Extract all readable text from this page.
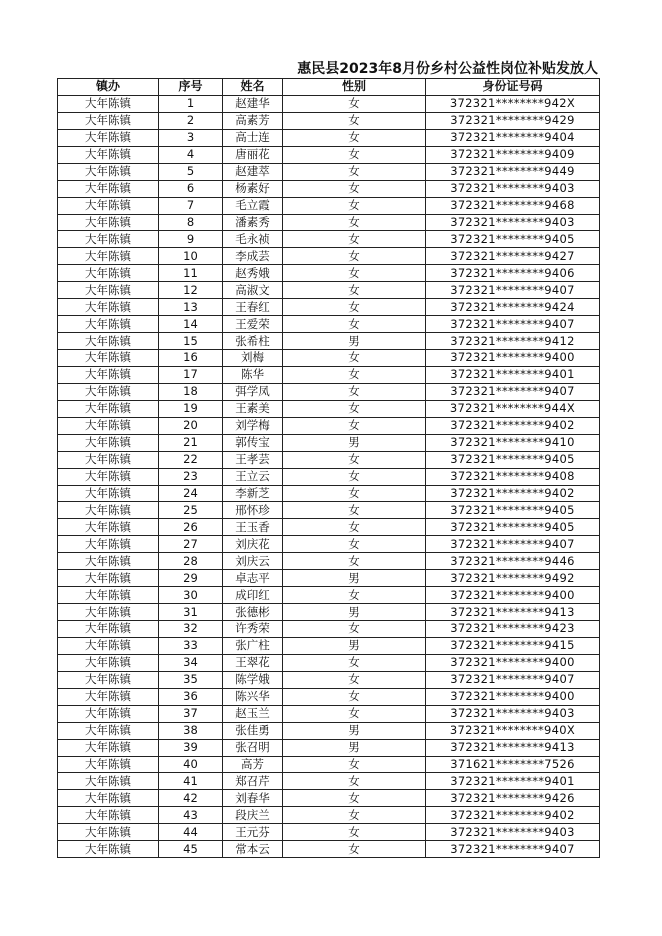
惠民县2023年8月份乡村公益性岗位补贴发放人
镇办	序号	姓名	性别	身份证号码
大年陈镇	1	赵建华	女	372321********942X
大年陈镇	2	高素芳	女	372321********9429
大年陈镇	3	高士连	女	372321********9404
大年陈镇	4	唐丽花	女	372321********9409
大年陈镇	5	赵建萃	女	372321********9449
大年陈镇	6	杨素好	女	372321********9403
大年陈镇	7	毛立霞	女	372321********9468
大年陈镇	8	潘素秀	女	372321********9403
大年陈镇	9	毛永祯	女	372321********9405
大年陈镇	10	李成芸	女	372321********9427
大年陈镇	11	赵秀娥	女	372321********9406
大年陈镇	12	高淑文	女	372321********9407
大年陈镇	13	王春红	女	372321********9424
大年陈镇	14	王爱荣	女	372321********9407
大年陈镇	15	张希柱	男	372321********9412
大年陈镇	16	刘梅	女	372321********9400
大年陈镇	17	陈华	女	372321********9401
大年陈镇	18	弭学凤	女	372321********9407
大年陈镇	19	王素美	女	372321********944X
大年陈镇	20	刘学梅	女	372321********9402
大年陈镇	21	郭传宝	男	372321********9410
大年陈镇	22	王孝芸	女	372321********9405
大年陈镇	23	王立云	女	372321********9408
大年陈镇	24	李新芝	女	372321********9402
大年陈镇	25	邢怀珍	女	372321********9405
大年陈镇	26	王玉香	女	372321********9405
大年陈镇	27	刘庆花	女	372321********9407
大年陈镇	28	刘庆云	女	372321********9446
大年陈镇	29	卓志平	男	372321********9492
大年陈镇	30	成印红	女	372321********9400
大年陈镇	31	张德彬	男	372321********9413
大年陈镇	32	许秀荣	女	372321********9423
大年陈镇	33	张广柱	男	372321********9415
大年陈镇	34	王翠花	女	372321********9400
大年陈镇	35	陈学娥	女	372321********9407
大年陈镇	36	陈兴华	女	372321********9400
大年陈镇	37	赵玉兰	女	372321********9403
大年陈镇	38	张佳勇	男	372321********940X
大年陈镇	39	张召明	男	372321********9413
大年陈镇	40	高芳	女	371621********7526
大年陈镇	41	郑召芹	女	372321********9401
大年陈镇	42	刘春华	女	372321********9426
大年陈镇	43	段庆兰	女	372321********9402
大年陈镇	44	王元芬	女	372321********9403
大年陈镇	45	常本云	女	372321********9407
